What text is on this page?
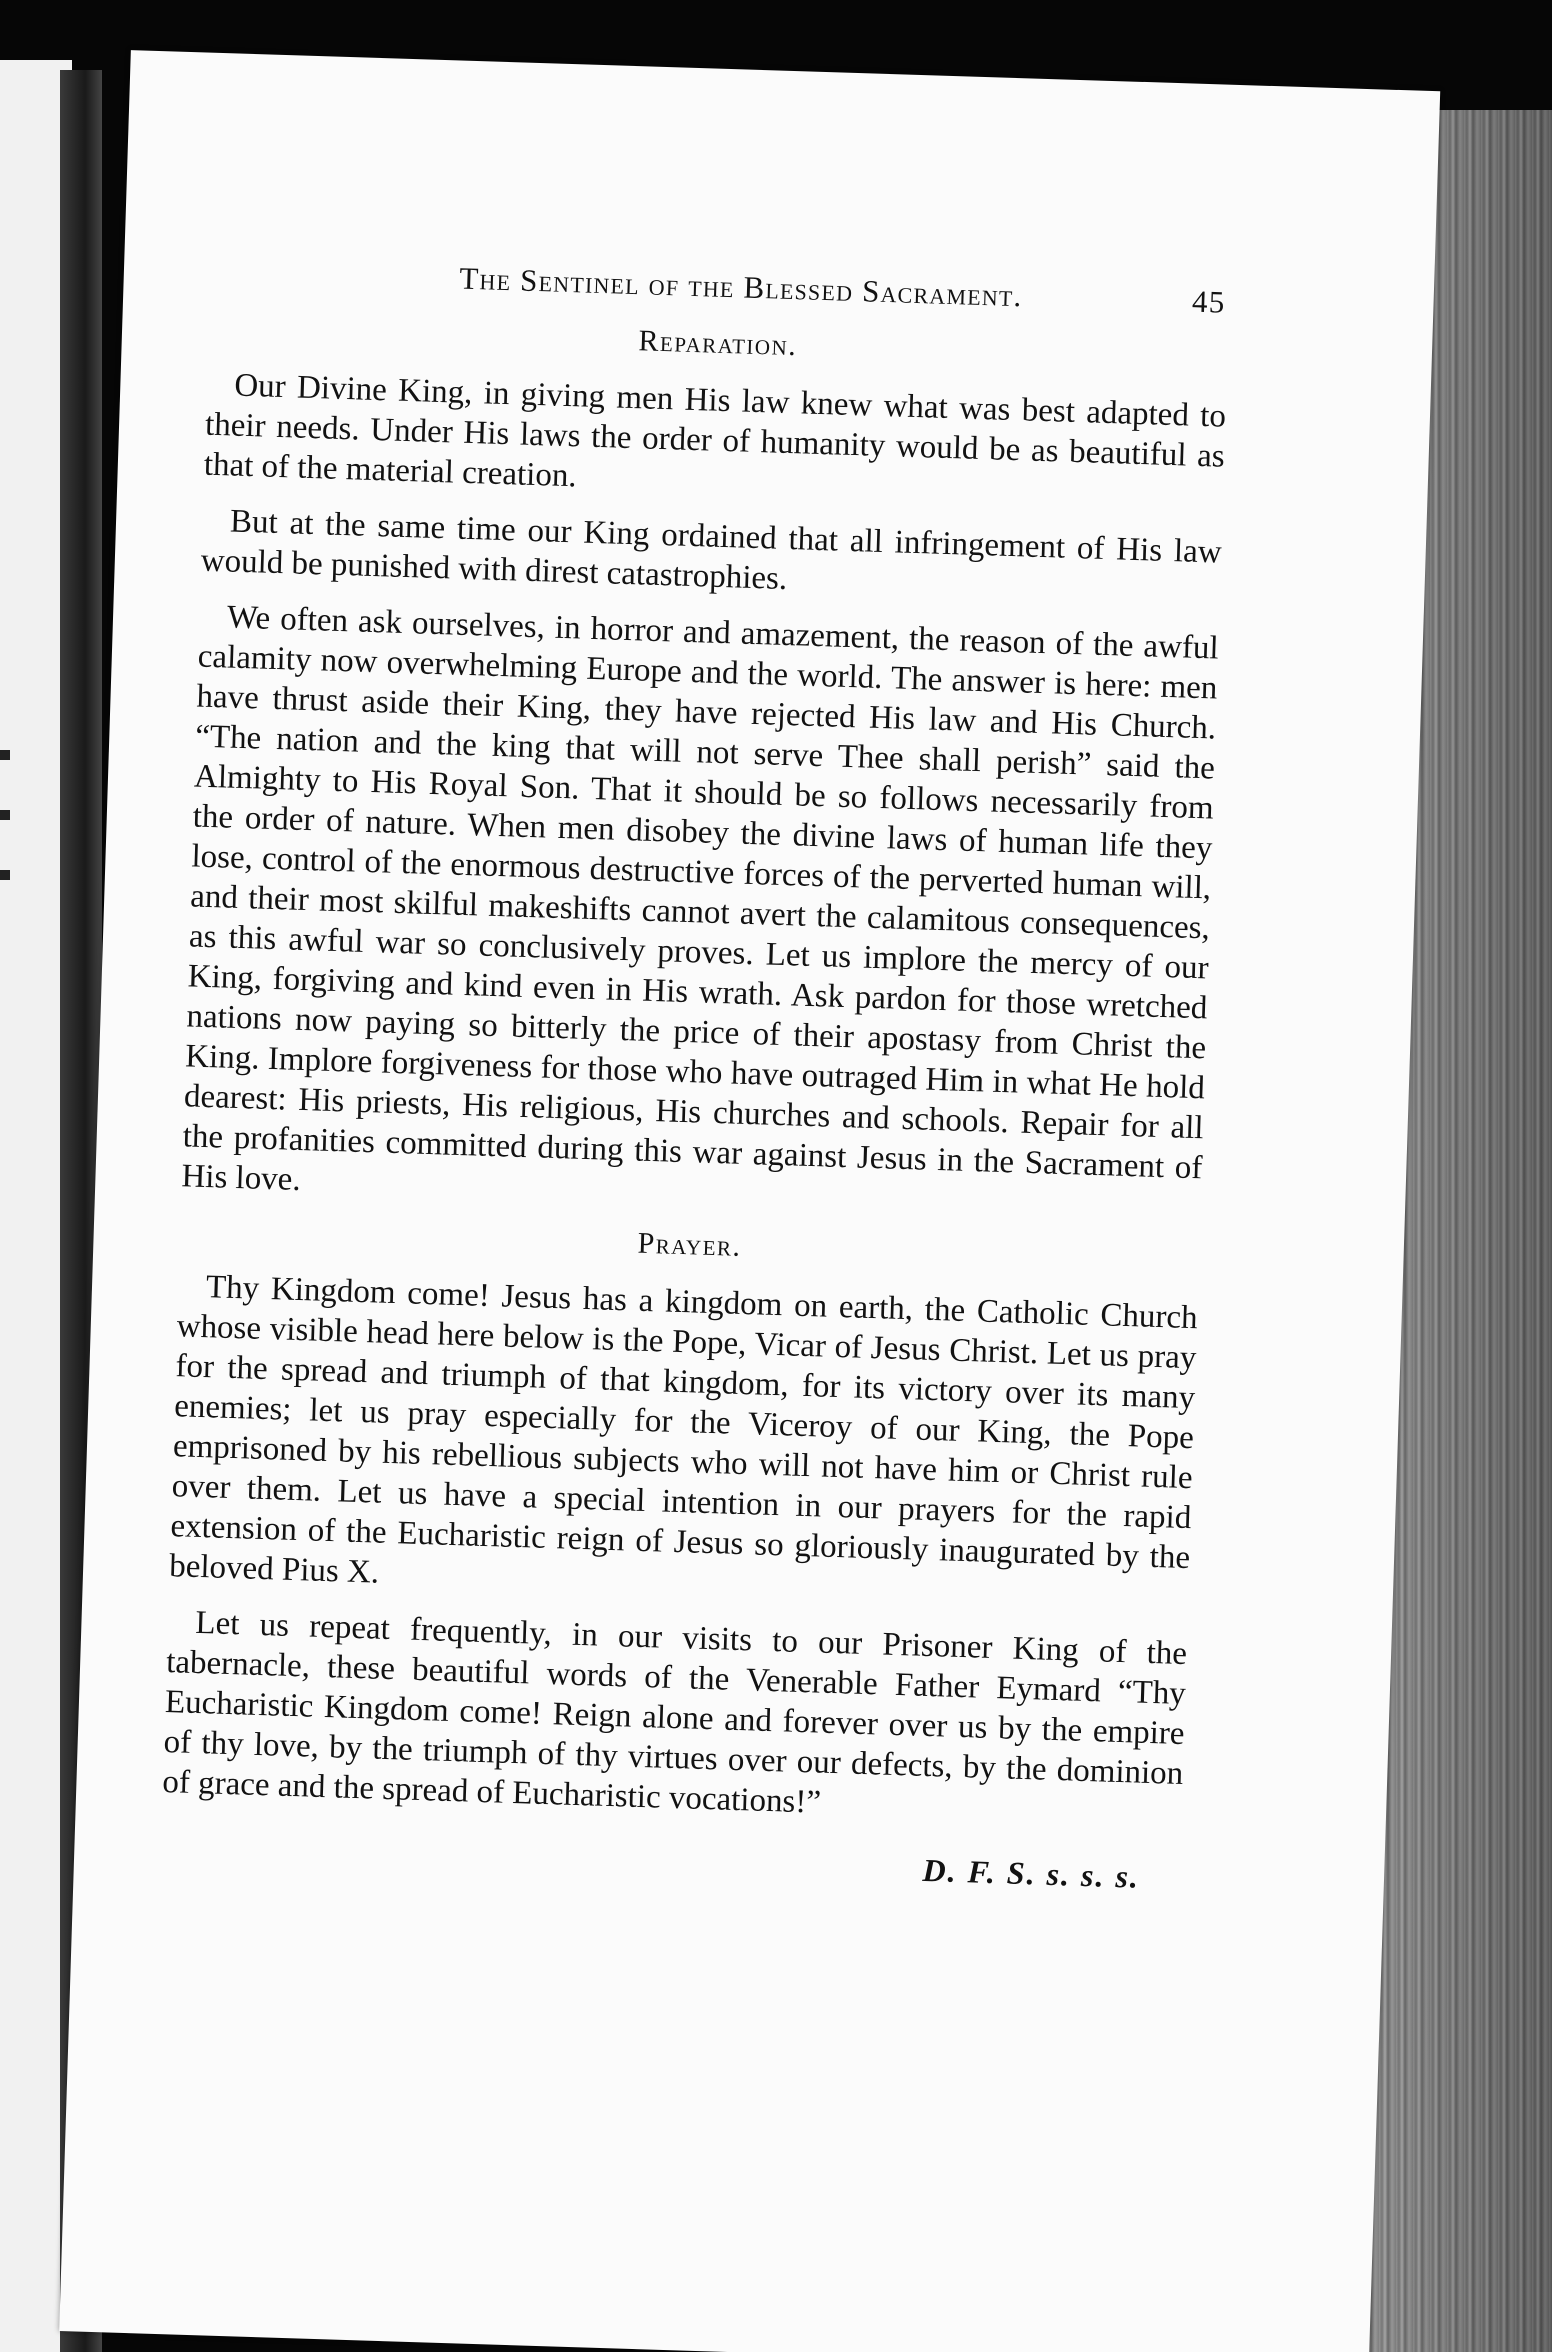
The Sentinel of the Blessed Sacrament.	45
Reparation.

Our Divine King, in giving men His law knew what was best adapted to their needs. Under His laws the order of humanity would be as beautiful as that of the material creation.

But at the same time our King ordained that all infringement of His law would be punished with direst catastrophies.

We often ask ourselves, in horror and amazement, the reason of the awful calamity now overwhelming Europe and the world. The answer is here: men have thrust aside their King, they have rejected His law and His Church. “The nation and the king that will not serve Thee shall perish” said the Almighty to His Royal Son. That it should be so follows necessarily from the order of nature. When men disobey the divine laws of human life they lose, control of the enormous destructive forces of the perverted human will, and their most skilful makeshifts cannot avert the calamitous consequences, as this awful war so conclusively proves. Let us implore the mercy of our King, forgiving and kind even in His wrath. Ask pardon for those wretched nations now paying so bitterly the price of their apostasy from Christ the King. Implore forgiveness for those who have outraged Him in what He hold dearest: His priests, His religious, His churches and schools. Repair for all the profanities committed during this war against Jesus in the Sacrament of His love.

Prayer.

Thy Kingdom come! Jesus has a kingdom on earth, the Catholic Church whose visible head here below is the Pope, Vicar of Jesus Christ. Let us pray for the spread and triumph of that kingdom, for its victory over its many enemies; let us pray especially for the Viceroy of our King, the Pope emprisoned by his rebellious subjects who will not have him or Christ rule over them. Let us have a special intention in our prayers for the rapid extension of the Eucharistic reign of Jesus so gloriously inaugurated by the beloved Pius X.

Let us repeat frequently, in our visits to our Prisoner King of the tabernacle, these beautiful words of the Venerable Father Eymard “Thy Eucharistic Kingdom come! Reign alone and forever over us by the empire of thy love, by the triumph of thy virtues over our defects, by the dominion of grace and the spread of Eucharistic vocations!”

D. F. S. s. s. s.
